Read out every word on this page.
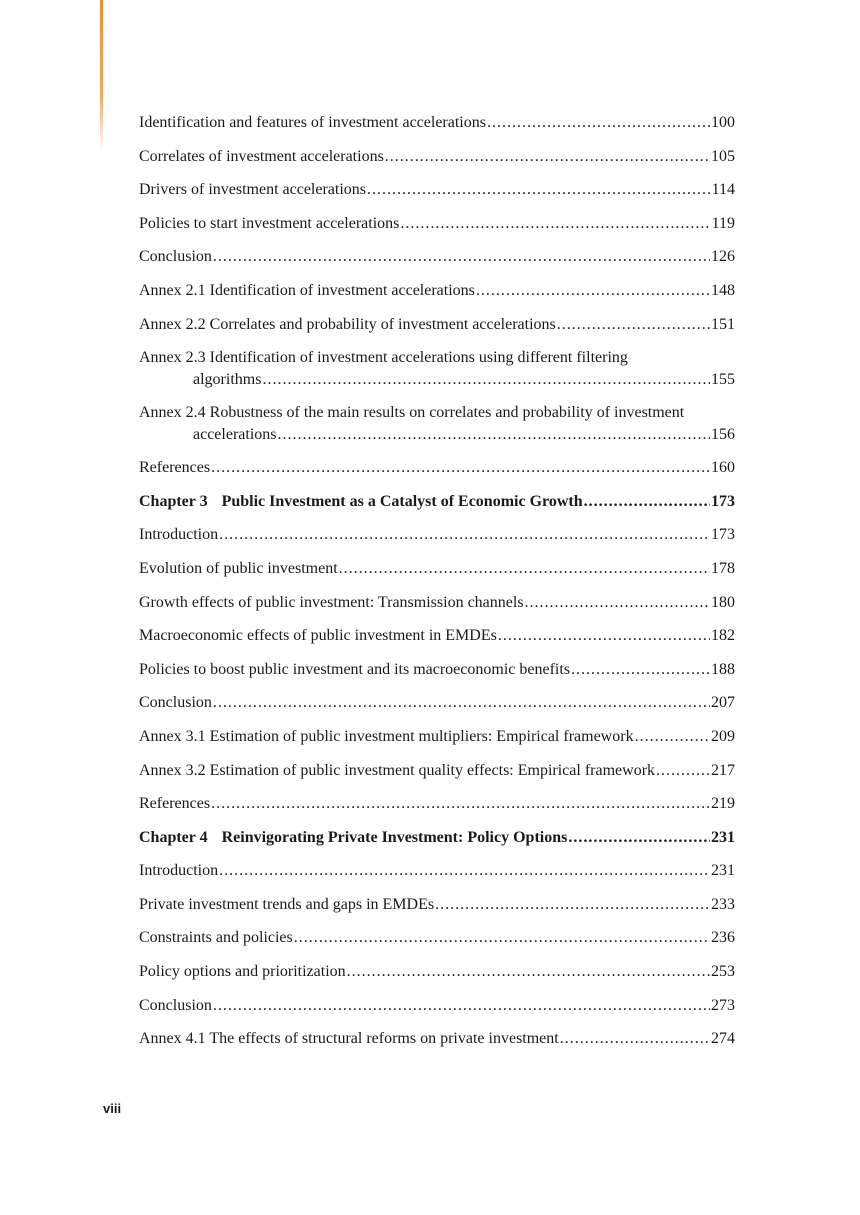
Identification and features of investment accelerations .....	100
Correlates of investment accelerations .....	105
Drivers of investment accelerations .....	114
Policies to start investment accelerations .....	119
Conclusion .....	126
Annex 2.1 Identification of investment accelerations .....	148
Annex 2.2 Correlates and probability of investment accelerations .....	151
Annex 2.3 Identification of investment accelerations using different filtering
algorithms .....	155
Annex 2.4 Robustness of the main results on correlates and probability of investment
accelerations .....	156
References .....	160
Chapter 3 Public Investment as a Catalyst of Economic Growth .....	173
Introduction .....	173
Evolution of public investment .....	178
Growth effects of public investment: Transmission channels .....	180
Macroeconomic effects of public investment in EMDEs .....	182
Policies to boost public investment and its macroeconomic benefits .....	188
Conclusion .....	207
Annex 3.1 Estimation of public investment multipliers: Empirical framework .....	209
Annex 3.2 Estimation of public investment quality effects: Empirical framework .....	217
References .....	219
Chapter 4 Reinvigorating Private Investment: Policy Options .....	231
Introduction .....	231
Private investment trends and gaps in EMDEs .....	233
Constraints and policies .....	236
Policy options and prioritization .....	253
Conclusion .....	273
Annex 4.1 The effects of structural reforms on private investment .....	274
viii
